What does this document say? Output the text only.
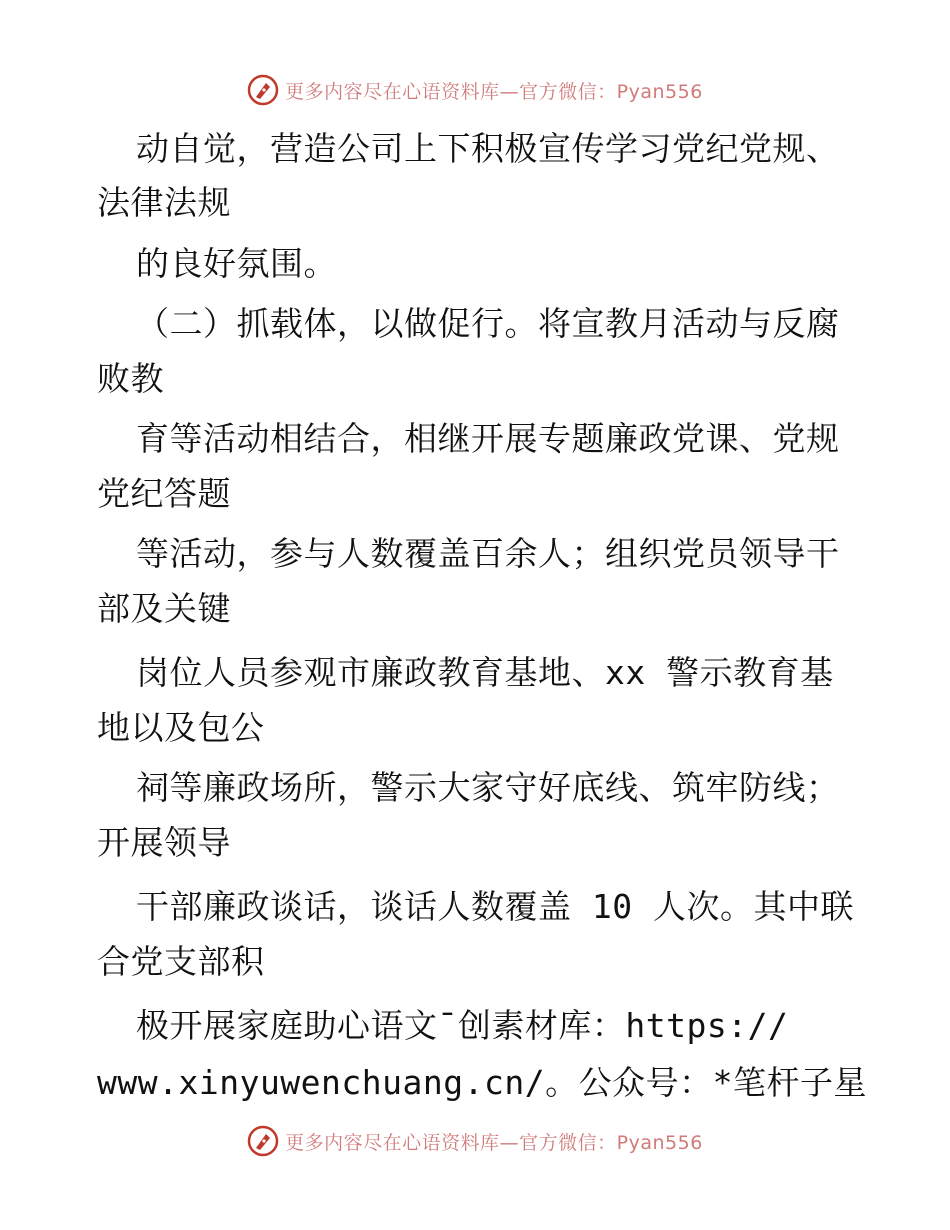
更多内容尽在心语资料库—官方微信：Pyan556
动自觉，营造公司上下积极宣传学习党纪党规、
法律法规
的良好氛围。
（二）抓载体，以做促行。将宣教月活动与反腐
败教
育等活动相结合，相继开展专题廉政党课、党规
党纪答题
等活动，参与人数覆盖百余人；组织党员领导干
部及关键
岗位人员参观市廉政教育基地、xx 警示教育基
地以及包公
祠等廉政场所，警示大家守好底线、筑牢防线；
开展领导
干部廉政谈话，谈话人数覆盖 10 人次。其中联
合党支部积
极开展家庭助心语文¯创素材库：https://
www.xinyuwenchuang.cn/。公众号：*笔杆子星
更多内容尽在心语资料库—官方微信：Pyan556
